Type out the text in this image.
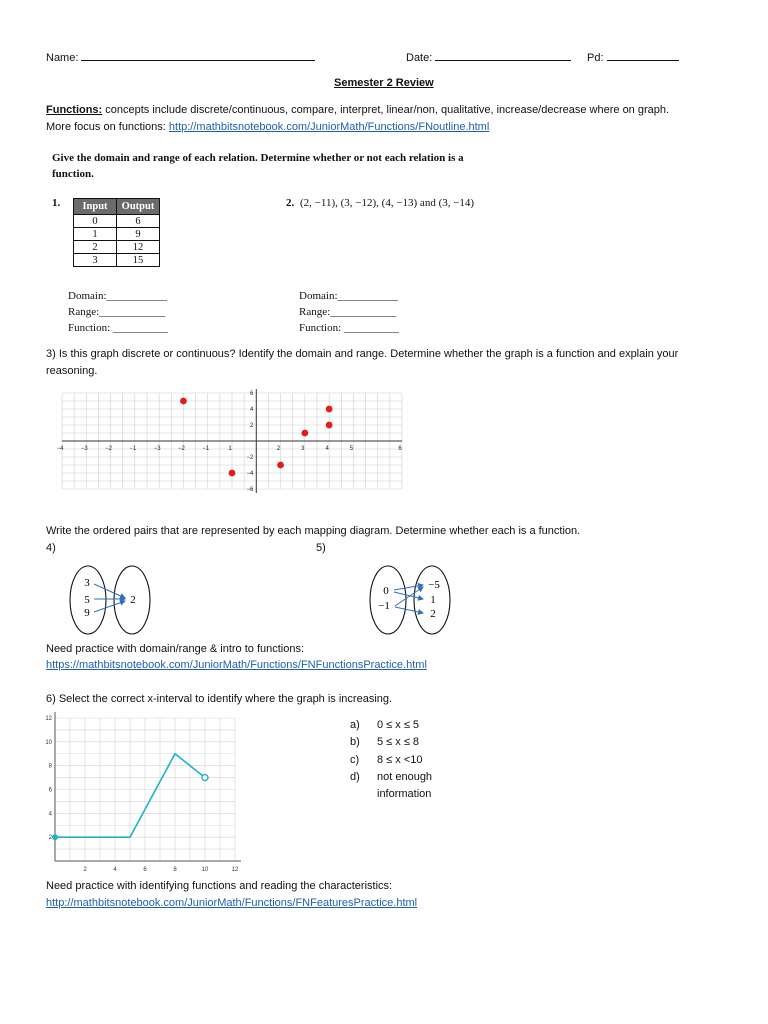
Name:	Date:	Pd:
Semester 2 Review
Functions: concepts include discrete/continuous, compare, interpret, linear/non, qualitative, increase/decrease where on graph.
More focus on functions: http://mathbitsnotebook.com/JuniorMath/Functions/FNoutline.html
Give the domain and range of each relation. Determine whether or not each relation is a
function.
1. Input	Output
0	6
1	9
2	12
3	15
2. (2, −11), (3, −12), (4, −13) and (3, −14)
Domain:___________
Range:____________
Function: __________
Domain:___________
Range:____________
Function: __________
3) Is this graph discrete or continuous? Identify the domain and range. Determine whether the graph is a function and explain your
reasoning.
−4	−3	−2	−1	−3	−2	−1	1	2	3	4	5	6
6
4
2
−2
−4
−6
Write the ordered pairs that are represented by each mapping diagram. Determine whether each is a function.
4)	5)
3
5
9
2
0
−1
−5
1
2
Need practice with domain/range & intro to functions:
https://mathbitsnotebook.com/JuniorMath/Functions/FNFunctionsPractice.html
6) Select the correct x-interval to identify where the graph is increasing.
2	4	6	8	10	12
12
10
8
6
4
2
a) 0 ≤ x ≤ 5
b) 5 ≤ x ≤ 8
c) 8 ≤ x <10
d) not enough
information
Need practice with identifying functions and reading the characteristics:
http://mathbitsnotebook.com/JuniorMath/Functions/FNFeaturesPractice.html
